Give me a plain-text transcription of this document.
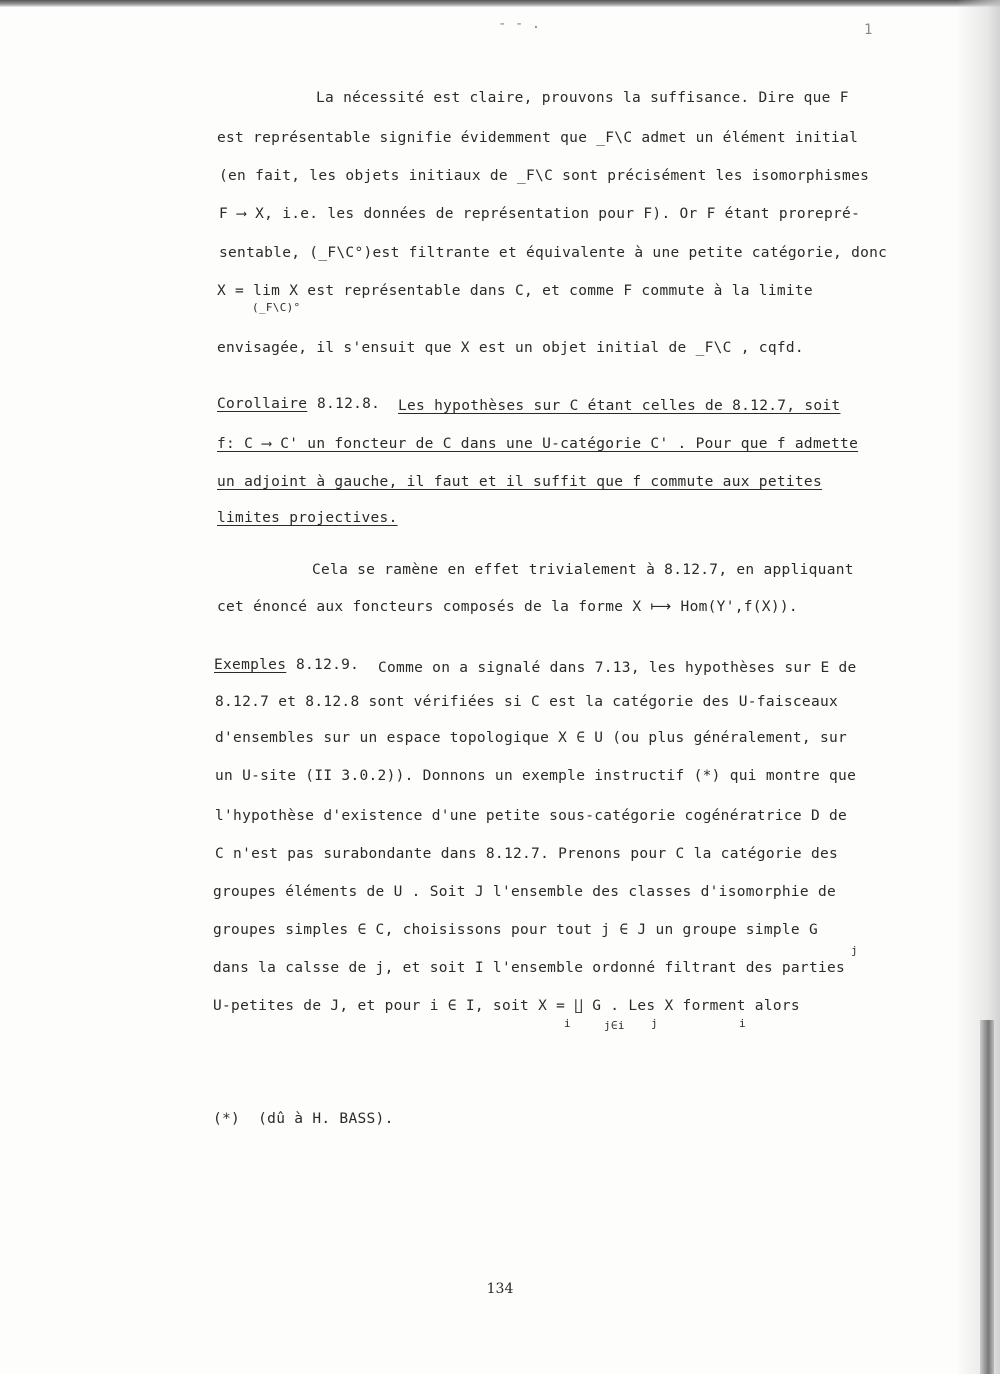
- - .	1
La nécessité est claire, prouvons la suffisance. Dire que F
est représentable signifie évidemment que _F\C admet un élément initial
(en fait, les objets initiaux de _F\C sont précisément les isomorphismes
F ⟶ X, i.e. les données de représentation pour F). Or F étant prorepré-
sentable, (_F\C°)est filtrante et équivalente à une petite catégorie, donc
X = lim X est représentable dans C, et comme F commute à la limite
(_F\C)°
envisagée, il s'ensuit que X est un objet initial de _F\C , cqfd.
Corollaire 8.12.8. Les hypothèses sur C étant celles de 8.12.7, soit
f: C ⟶ C' un foncteur de C dans une U-catégorie C' . Pour que f admette
un adjoint à gauche, il faut et il suffit que f commute aux petites
limites projectives.
Cela se ramène en effet trivialement à 8.12.7, en appliquant
cet énoncé aux foncteurs composés de la forme X ⟼ Hom(Y',f(X)).
Exemples 8.12.9. Comme on a signalé dans 7.13, les hypothèses sur E de
8.12.7 et 8.12.8 sont vérifiées si C est la catégorie des U-faisceaux
d'ensembles sur un espace topologique X ∈ U (ou plus généralement, sur
un U-site (II 3.0.2)). Donnons un exemple instructif (*) qui montre que
l'hypothèse d'existence d'une petite sous-catégorie cogénératrice D de
C n'est pas surabondante dans 8.12.7. Prenons pour C la catégorie des
groupes éléments de U . Soit J l'ensemble des classes d'isomorphie de
groupes simples ∈ C, choisissons pour tout j ∈ J un groupe simple G
j
dans la calsse de j, et soit I l'ensemble ordonné filtrant des parties
U-petites de J, et pour i ∈ I, soit X = ∐ G . Les X forment alors
i	j∈i j	i
(*)  (dû à H. BASS).
134
